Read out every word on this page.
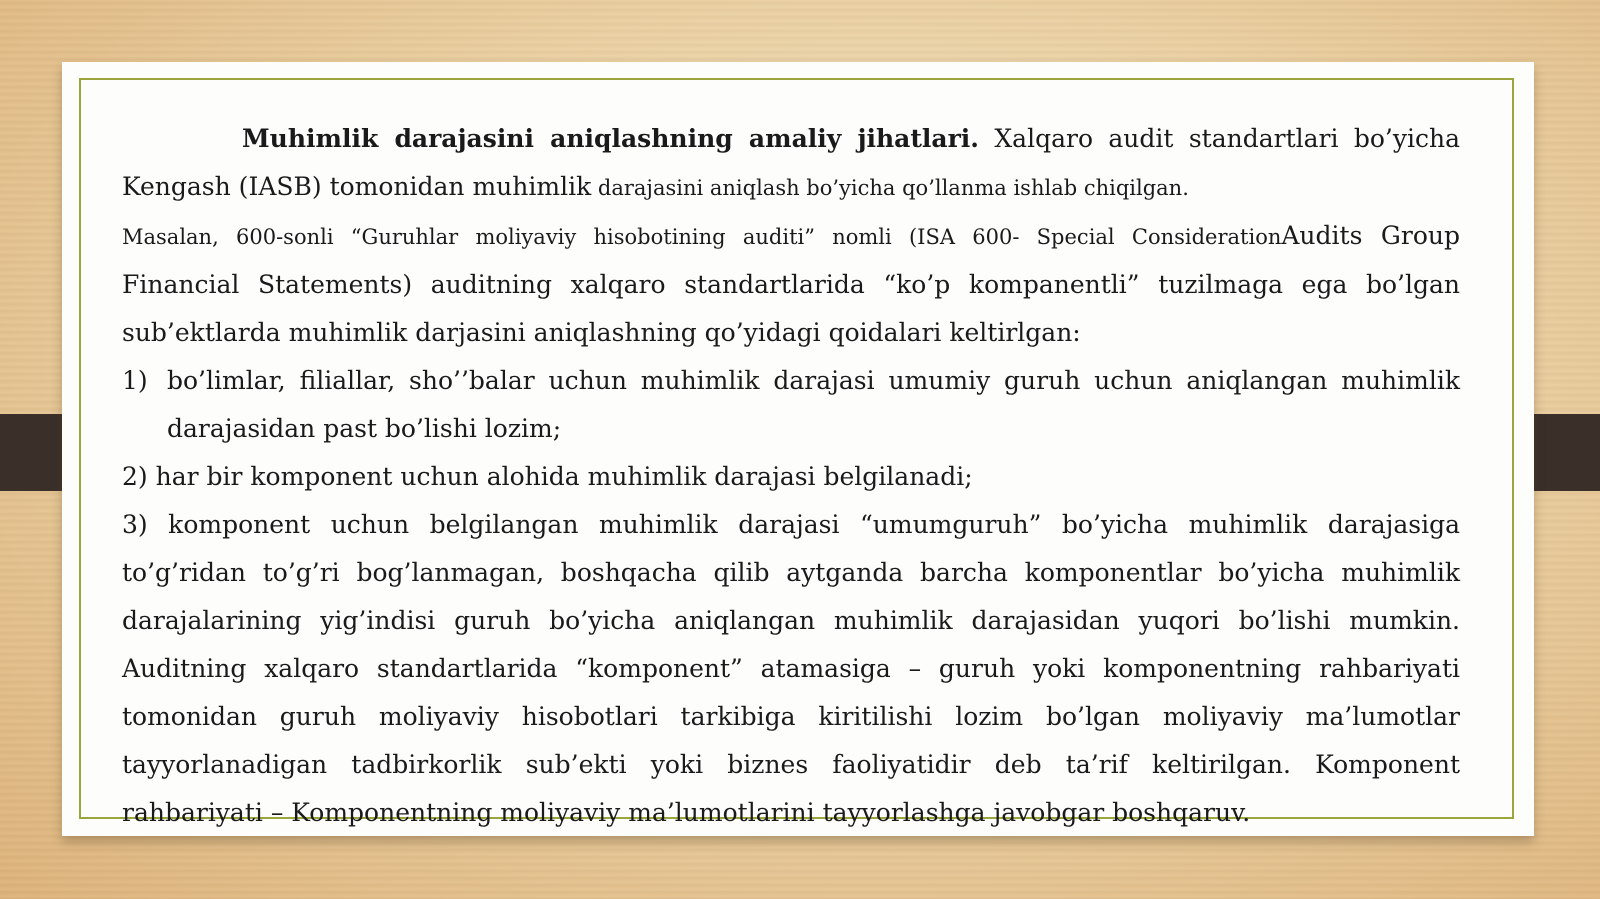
Muhimlik darajasini aniqlashning amaliy jihatlari. Xalqaro audit standartlari bo’yicha Kengash (IASB) tomonidan muhimlik darajasini aniqlash bo’yicha qo’llanma ishlab chiqilgan.

Masalan, 600-sonli “Guruhlar moliyaviy hisobotining auditi” nomli (ISA 600- Special ConsiderationAudits Group Financial Statements) auditning xalqaro standartlarida “ko’p kompanentli” tuzilmaga ega bo’lgan sub’ektlarda muhimlik darjasini aniqlashning qo’yidagi qoidalari keltirlgan:

1) bo’limlar, filiallar, sho’’balar uchun muhimlik darajasi umumiy guruh uchun aniqlangan muhimlik darajasidan past bo’lishi lozim;

2) har bir komponent uchun alohida muhimlik darajasi belgilanadi;

3) komponent uchun belgilangan muhimlik darajasi “umumguruh” bo’yicha muhimlik darajasiga to’g’ridan to’g’ri bog’lanmagan, boshqacha qilib aytganda barcha komponentlar bo’yicha muhimlik darajalarining yig’indisi guruh bo’yicha aniqlangan muhimlik darajasidan yuqori bo’lishi mumkin. Auditning xalqaro standartlarida “komponent” atamasiga – guruh yoki komponentning rahbariyati tomonidan guruh moliyaviy hisobotlari tarkibiga kiritilishi lozim bo’lgan moliyaviy ma’lumotlar tayyorlanadigan tadbirkorlik sub’ekti yoki biznes faoliyatidir deb ta’rif keltirilgan. Komponent rahbariyati – Komponentning moliyaviy ma’lumotlarini tayyorlashga javobgar boshqaruv.
